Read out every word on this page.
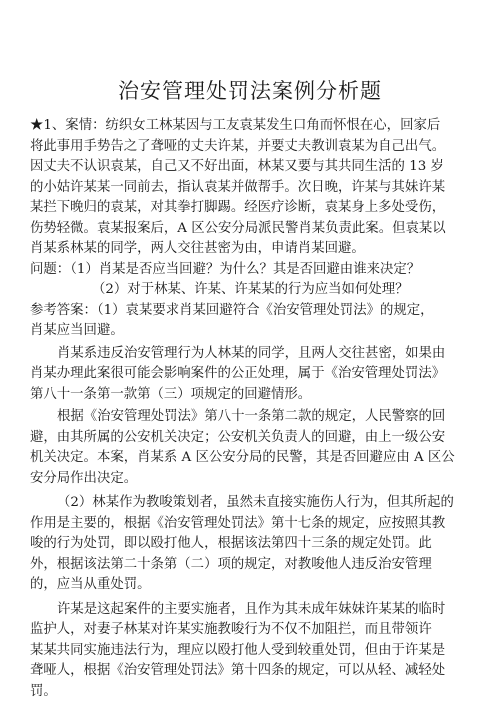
治安管理处罚法案例分析题
★1、案情：纺织女工林某因与工友袁某发生口角而怀恨在心，回家后
将此事用手势告之了聋哑的丈夫许某，并要丈夫教训袁某为自己出气。
因丈夫不认识袁某，自己又不好出面，林某又要与其共同生活的 13 岁
的小姑许某某一同前去，指认袁某并做帮手。次日晚，许某与其妹许某
某拦下晚归的袁某，对其拳打脚踢。经医疗诊断，袁某身上多处受伤，
伤势轻微。袁某报案后，A 区公安分局派民警肖某负责此案。但袁某以
肖某系林某的同学，两人交往甚密为由，申请肖某回避。
问题：（1）肖某是否应当回避？为什么？其是否回避由谁来决定？
（2）对于林某、许某、许某某的行为应当如何处理？
参考答案：（1）袁某要求肖某回避符合《治安管理处罚法》的规定，
肖某应当回避。
肖某系违反治安管理行为人林某的同学，且两人交往甚密，如果由
肖某办理此案很可能会影响案件的公正处理，属于《治安管理处罚法》
第八十一条第一款第（三）项规定的回避情形。
根据《治安管理处罚法》第八十一条第二款的规定，人民警察的回
避，由其所属的公安机关决定；公安机关负责人的回避，由上一级公安
机关决定。本案，肖某系 A 区公安分局的民警，其是否回避应由 A 区公
安分局作出决定。
（2）林某作为教唆策划者，虽然未直接实施伤人行为，但其所起的
作用是主要的，根据《治安管理处罚法》第十七条的规定，应按照其教
唆的行为处罚，即以殴打他人，根据该法第四十三条的规定处罚。此
外，根据该法第二十条第（二）项的规定，对教唆他人违反治安管理
的，应当从重处罚。
许某是这起案件的主要实施者，且作为其未成年妹妹许某某的临时
监护人，对妻子林某对许某实施教唆行为不仅不加阻拦，而且带领许
某某共同实施违法行为，理应以殴打他人受到较重处罚，但由于许某是
聋哑人，根据《治安管理处罚法》第十四条的规定，可以从轻、减轻处
罚。
